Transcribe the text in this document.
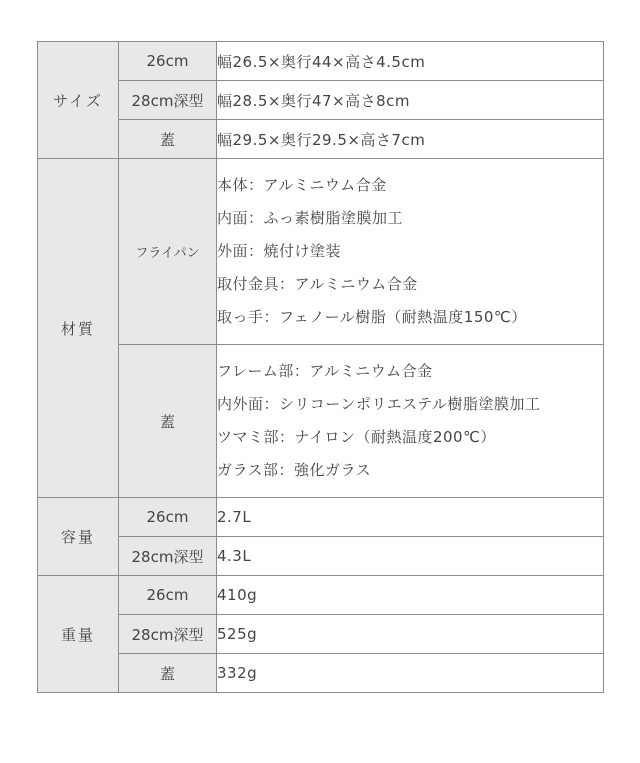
サイズ	26cm	幅26.5×奥行44×高さ4.5cm
	28cm深型	幅28.5×奥行47×高さ8cm
	蓋	幅29.5×奥行29.5×高さ7cm
材質	フライパン	本体：アルミニウム合金
内面：ふっ素樹脂塗膜加工
外面：焼付け塗装
取付金具：アルミニウム合金
取っ手：フェノール樹脂（耐熱温度150℃）

	蓋	フレーム部：アルミニウム合金
内外面：シリコーンポリエステル樹脂塗膜加工
ツマミ部：ナイロン（耐熱温度200℃）
ガラス部：強化ガラス

容量	26cm	2.7L
	28cm深型	4.3L
重量	26cm	410g
	28cm深型	525g
	蓋	332g
